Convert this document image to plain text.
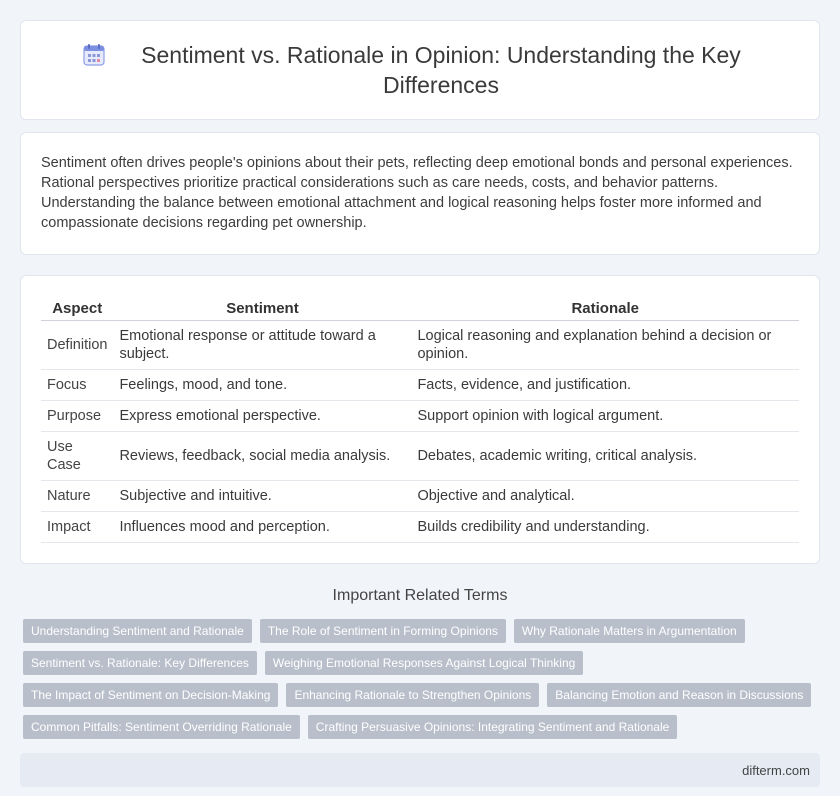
Sentiment vs. Rationale in Opinion: Understanding the Key Differences

Sentiment often drives people's opinions about their pets, reflecting deep emotional bonds and personal experiences. Rational perspectives prioritize practical considerations such as care needs, costs, and behavior patterns. Understanding the balance between emotional attachment and logical reasoning helps foster more informed and compassionate decisions regarding pet ownership.

Aspect	Sentiment	Rationale
Definition	Emotional response or attitude toward a subject.	Logical reasoning and explanation behind a decision or opinion.
Focus	Feelings, mood, and tone.	Facts, evidence, and justification.
Purpose	Express emotional perspective.	Support opinion with logical argument.
Use Case	Reviews, feedback, social media analysis.	Debates, academic writing, critical analysis.
Nature	Subjective and intuitive.	Objective and analytical.
Impact	Influences mood and perception.	Builds credibility and understanding.
Important Related Terms
Understanding Sentiment and Rationale	The Role of Sentiment in Forming Opinions	Why Rationale Matters in Argumentation
Sentiment vs. Rationale: Key Differences	Weighing Emotional Responses Against Logical Thinking
The Impact of Sentiment on Decision-Making	Enhancing Rationale to Strengthen Opinions	Balancing Emotion and Reason in Discussions
Common Pitfalls: Sentiment Overriding Rationale	Crafting Persuasive Opinions: Integrating Sentiment and Rationale
difterm.com
